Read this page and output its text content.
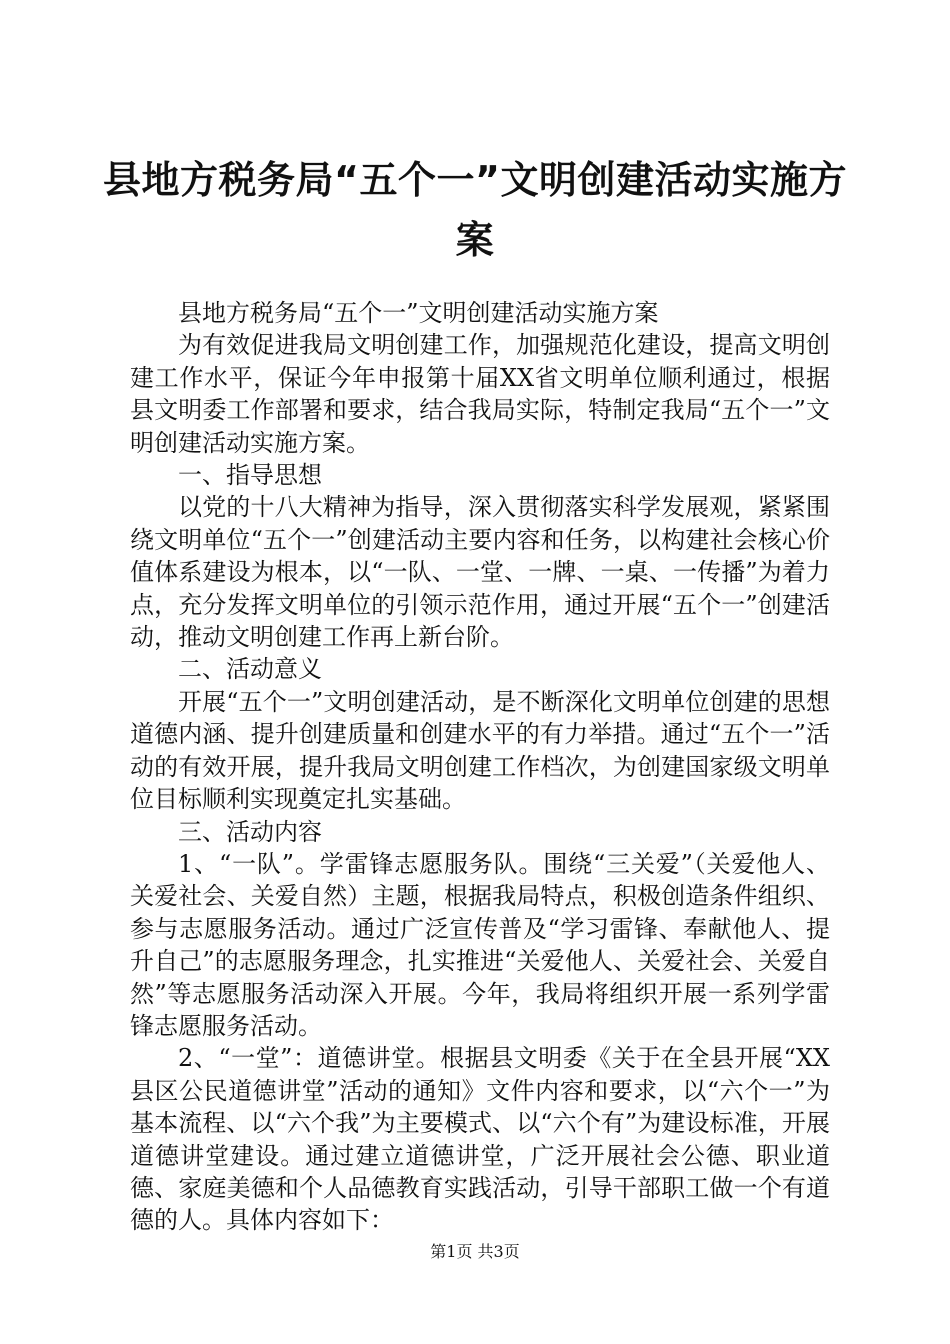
县地方税务局“五个一”文明创建活动实施方
案

县地方税务局“五个一”文明创建活动实施方案

为有效促进我局文明创建工作，加强规范化建设，提高文明创建工作水平，保证今年申报第十届XX省文明单位顺利通过，根据县文明委工作部署和要求，结合我局实际，特制定我局“五个一”文明创建活动实施方案。

一、指导思想

以党的十八大精神为指导，深入贯彻落实科学发展观，紧紧围绕文明单位“五个一”创建活动主要内容和任务，以构建社会核心价值体系建设为根本，以“一队、一堂、一牌、一桌、一传播”为着力点，充分发挥文明单位的引领示范作用，通过开展“五个一”创建活动，推动文明创建工作再上新台阶。

二、活动意义

开展“五个一”文明创建活动，是不断深化文明单位创建的思想道德内涵、提升创建质量和创建水平的有力举措。通过“五个一”活动的有效开展，提升我局文明创建工作档次，为创建国家级文明单位目标顺利实现奠定扎实基础。

三、活动内容

1、“一队”。学雷锋志愿服务队。围绕“三关爱”（关爱他人、关爱社会、关爱自然）主题，根据我局特点，积极创造条件组织、参与志愿服务活动。通过广泛宣传普及“学习雷锋、奉献他人、提升自己”的志愿服务理念，扎实推进“关爱他人、关爱社会、关爱自然”等志愿服务活动深入开展。今年，我局将组织开展一系列学雷锋志愿服务活动。

2、“一堂”：道德讲堂。根据县文明委《关于在全县开展“XX县区公民道德讲堂”活动的通知》文件内容和要求，以“六个一”为基本流程、以“六个我”为主要模式、以“六个有”为建设标准，开展道德讲堂建设。通过建立道德讲堂，广泛开展社会公德、职业道德、家庭美德和个人品德教育实践活动，引导干部职工做一个有道德的人。具体内容如下：

第1页 共3页
